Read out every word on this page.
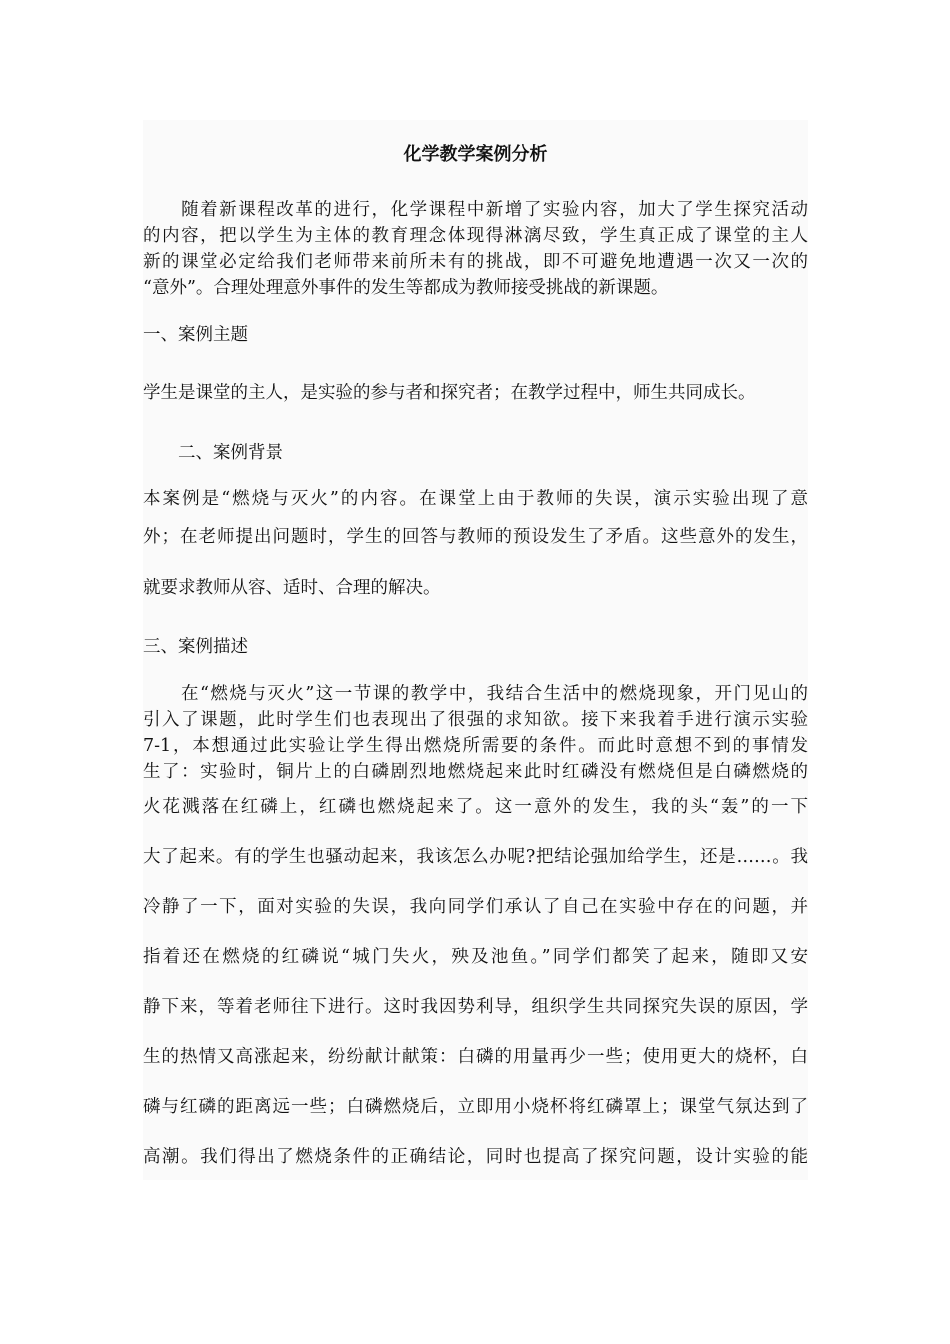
化学教学案例分析

　　随着新课程改革的进行，化学课程中新增了实验内容，加大了学生探究活动

的内容，把以学生为主体的教育理念体现得淋漓尽致，学生真正成了课堂的主人

新的课堂必定给我们老师带来前所未有的挑战，即不可避免地遭遇一次又一次的

“意外”。合理处理意外事件的发生等都成为教师接受挑战的新课题。

一、案例主题

学生是课堂的主人，是实验的参与者和探究者；在教学过程中，师生共同成长。

　　二、案例背景

本案例是“燃烧与灭火”的内容。在课堂上由于教师的失误，演示实验出现了意

外；在老师提出问题时，学生的回答与教师的预设发生了矛盾。这些意外的发生，

就要求教师从容、适时、合理的解决。

三、案例描述

　　在“燃烧与灭火”这一节课的教学中，我结合生活中的燃烧现象，开门见山的

引入了课题，此时学生们也表现出了很强的求知欲。接下来我着手进行演示实验

7-1，本想通过此实验让学生得出燃烧所需要的条件。而此时意想不到的事情发

生了：实验时，铜片上的白磷剧烈地燃烧起来此时红磷没有燃烧但是白磷燃烧的

火花溅落在红磷上，红磷也燃烧起来了。这一意外的发生，我的头“轰”的一下

大了起来。有的学生也骚动起来，我该怎么办呢?把结论强加给学生，还是……。我

冷静了一下，面对实验的失误，我向同学们承认了自己在实验中存在的问题，并

指着还在燃烧的红磷说“城门失火，殃及池鱼。”同学们都笑了起来，随即又安

静下来，等着老师往下进行。这时我因势利导，组织学生共同探究失误的原因，学

生的热情又高涨起来，纷纷献计献策：白磷的用量再少一些；使用更大的烧杯，白

磷与红磷的距离远一些；白磷燃烧后，立即用小烧杯将红磷罩上；课堂气氛达到了

高潮。我们得出了燃烧条件的正确结论，同时也提高了探究问题，设计实验的能
